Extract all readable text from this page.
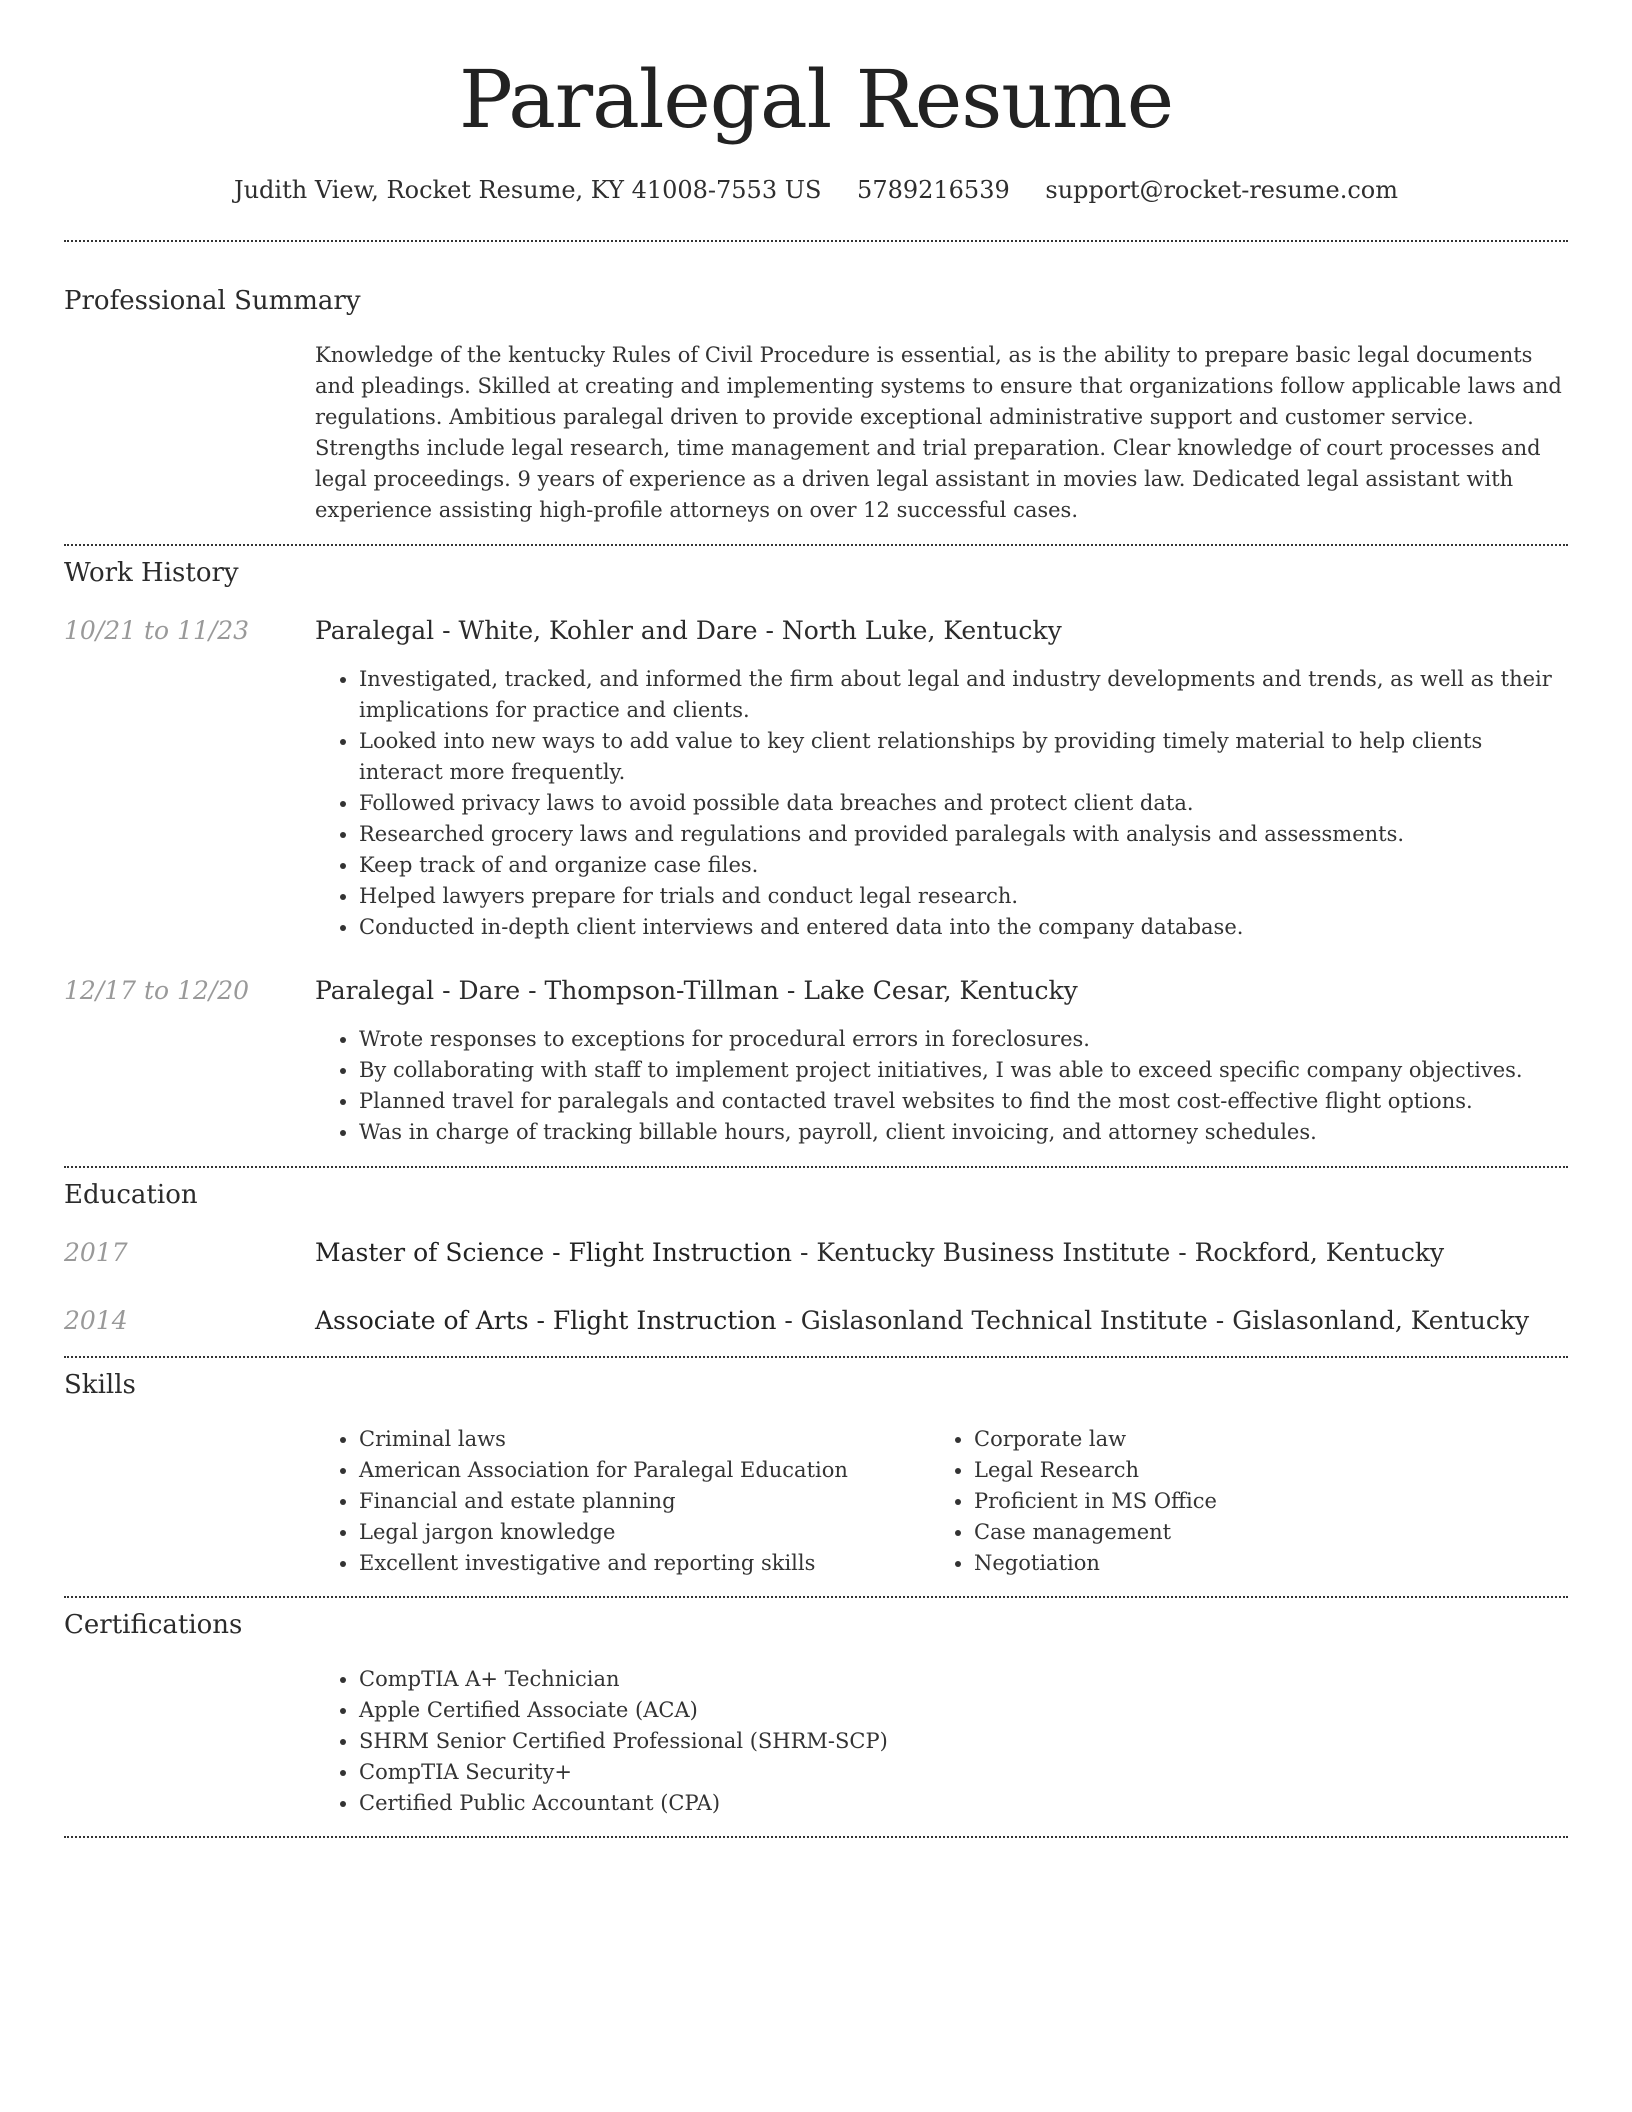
Paralegal Resume
Judith View, Rocket Resume, KY 41008-7553 US 5789216539 support@rocket-resume.com
Professional Summary

Knowledge of the kentucky Rules of Civil Procedure is essential, as is the ability to prepare basic legal documents and pleadings. Skilled at creating and implementing systems to ensure that organizations follow applicable laws and regulations. Ambitious paralegal driven to provide exceptional administrative support and customer service. Strengths include legal research, time management and trial preparation. Clear knowledge of court processes and legal proceedings. 9 years of experience as a driven legal assistant in movies law. Dedicated legal assistant with experience assisting high-profile attorneys on over 12 successful cases.

Work History
10/21 to 11/23	Paralegal - White, Kohler and Dare - North Luke, Kentucky
• Investigated, tracked, and informed the firm about legal and industry developments and trends, as well as their implications for practice and clients.
• Looked into new ways to add value to key client relationships by providing timely material to help clients interact more frequently.
• Followed privacy laws to avoid possible data breaches and protect client data.
• Researched grocery laws and regulations and provided paralegals with analysis and assessments.
• Keep track of and organize case files.
• Helped lawyers prepare for trials and conduct legal research.
• Conducted in-depth client interviews and entered data into the company database.
12/17 to 12/20	Paralegal - Dare - Thompson-Tillman - Lake Cesar, Kentucky
• Wrote responses to exceptions for procedural errors in foreclosures.
• By collaborating with staff to implement project initiatives, I was able to exceed specific company objectives.
• Planned travel for paralegals and contacted travel websites to find the most cost-effective flight options.
• Was in charge of tracking billable hours, payroll, client invoicing, and attorney schedules.
Education
2017	Master of Science - Flight Instruction - Kentucky Business Institute - Rockford, Kentucky
2014	Associate of Arts - Flight Instruction - Gislasonland Technical Institute - Gislasonland, Kentucky
Skills
• Criminal laws
• American Association for Paralegal Education
• Financial and estate planning
• Legal jargon knowledge
• Excellent investigative and reporting skills
• Corporate law
• Legal Research
• Proficient in MS Office
• Case management
• Negotiation
Certifications
• CompTIA A+ Technician
• Apple Certified Associate (ACA)
• SHRM Senior Certified Professional (SHRM-SCP)
• CompTIA Security+
• Certified Public Accountant (CPA)
